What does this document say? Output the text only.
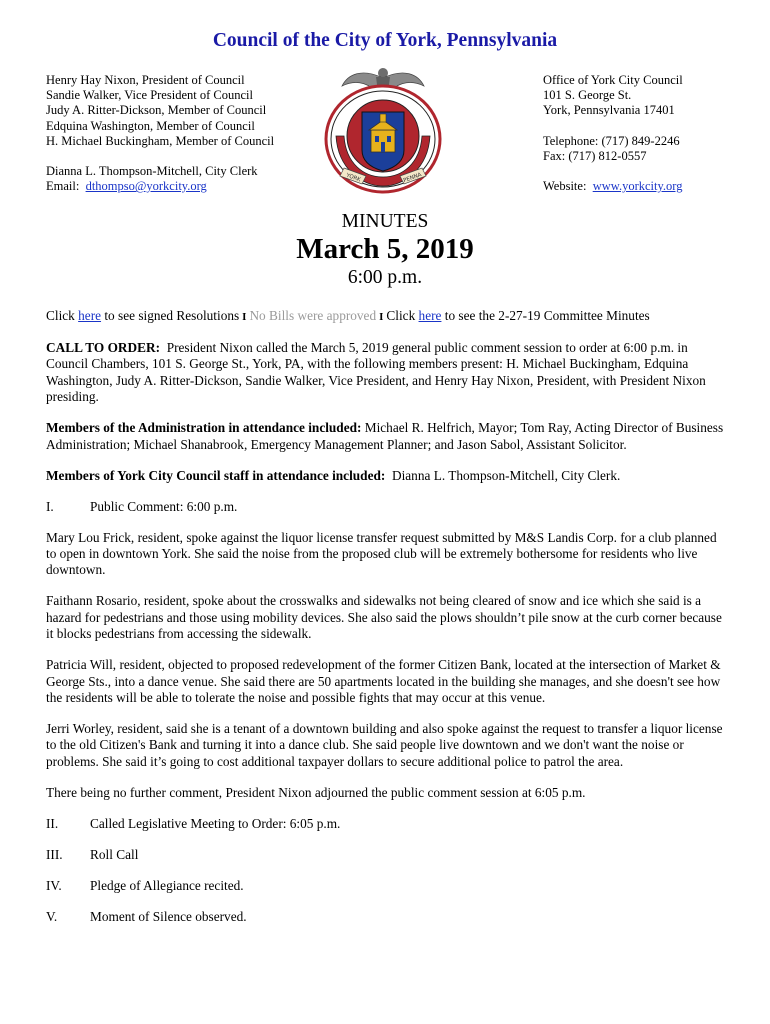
Council of the City of York, Pennsylvania
Henry Hay Nixon, President of Council
Sandie Walker, Vice President of Council
Judy A. Ritter-Dickson, Member of Council
Edquina Washington, Member of Council
H. Michael Buckingham, Member of Council
Dianna L. Thompson-Mitchell, City Clerk
Email: dthompso@yorkcity.org
YORK	PENNA
Office of York City Council
101 S. George St.
York, Pennsylvania 17401
Telephone: (717) 849-2246
Fax: (717) 812-0557
Website: www.yorkcity.org
MINUTES
March 5, 2019
6:00 p.m.

Click here to see signed Resolutions I No Bills were approved I Click here to see the 2-27-19 Committee Minutes

CALL TO ORDER: President Nixon called the March 5, 2019 general public comment session to order at 6:00 p.m. in Council Chambers, 101 S. George St., York, PA, with the following members present: H. Michael Buckingham, Edquina Washington, Judy A. Ritter-Dickson, Sandie Walker, Vice President, and Henry Hay Nixon, President, with President Nixon presiding.

Members of the Administration in attendance included: Michael R. Helfrich, Mayor; Tom Ray, Acting Director of Business Administration; Michael Shanabrook, Emergency Management Planner; and Jason Sabol, Assistant Solicitor.

Members of York City Council staff in attendance included: Dianna L. Thompson-Mitchell, City Clerk.

I.	Public Comment: 6:00 p.m.

Mary Lou Frick, resident, spoke against the liquor license transfer request submitted by M&S Landis Corp. for a club planned to open in downtown York. She said the noise from the proposed club will be extremely bothersome for residents who live downtown.

Faithann Rosario, resident, spoke about the crosswalks and sidewalks not being cleared of snow and ice which she said is a hazard for pedestrians and those using mobility devices. She also said the plows shouldn’t pile snow at the curb corner because it blocks pedestrians from accessing the sidewalk.

Patricia Will, resident, objected to proposed redevelopment of the former Citizen Bank, located at the intersection of Market & George Sts., into a dance venue. She said there are 50 apartments located in the building she manages, and she doesn't see how the residents will be able to tolerate the noise and possible fights that may occur at this venue.

Jerri Worley, resident, said she is a tenant of a downtown building and also spoke against the request to transfer a liquor license to the old Citizen's Bank and turning it into a dance club. She said people live downtown and we don't want the noise or problems. She said it’s going to cost additional taxpayer dollars to secure additional police to patrol the area.

There being no further comment, President Nixon adjourned the public comment session at 6:05 p.m.

II.	Called Legislative Meeting to Order: 6:05 p.m.

III.	Roll Call

IV.	Pledge of Allegiance recited.

V.	Moment of Silence observed.
